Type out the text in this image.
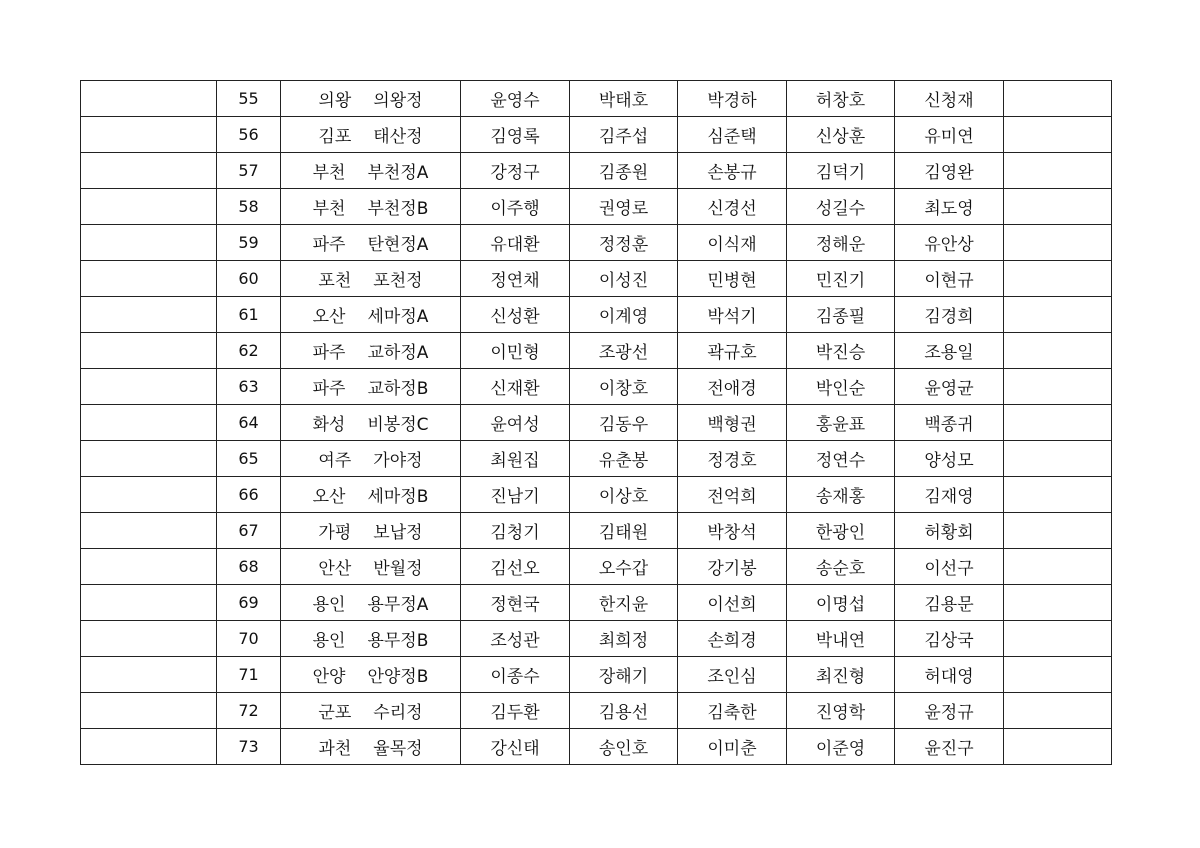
	55	의왕 의왕정	윤영수	박태호	박경하	허창호	신청재	
	56	김포 태산정	김영록	김주섭	심준택	신상훈	유미연	
	57	부천 부천정A	강정구	김종원	손봉규	김덕기	김영완	
	58	부천 부천정B	이주행	권영로	신경선	성길수	최도영	
	59	파주 탄현정A	유대환	정정훈	이식재	정해운	유안상	
	60	포천 포천정	정연채	이성진	민병현	민진기	이현규	
	61	오산 세마정A	신성환	이계영	박석기	김종필	김경희	
	62	파주 교하정A	이민형	조광선	곽규호	박진승	조용일	
	63	파주 교하정B	신재환	이창호	전애경	박인순	윤영균	
	64	화성 비봉정C	윤여성	김동우	백형권	홍윤표	백종귀	
	65	여주 가야정	최원집	유춘봉	정경호	정연수	양성모	
	66	오산 세마정B	진남기	이상호	전억희	송재홍	김재영	
	67	가평 보납정	김청기	김태원	박창석	한광인	허황회	
	68	안산 반월정	김선오	오수갑	강기봉	송순호	이선구	
	69	용인 용무정A	정현국	한지윤	이선희	이명섭	김용문	
	70	용인 용무정B	조성관	최희정	손희경	박내연	김상국	
	71	안양 안양정B	이종수	장해기	조인심	최진형	허대영	
	72	군포 수리정	김두환	김용선	김축한	진영학	윤정규	
	73	과천 율목정	강신태	송인호	이미춘	이준영	윤진구	
